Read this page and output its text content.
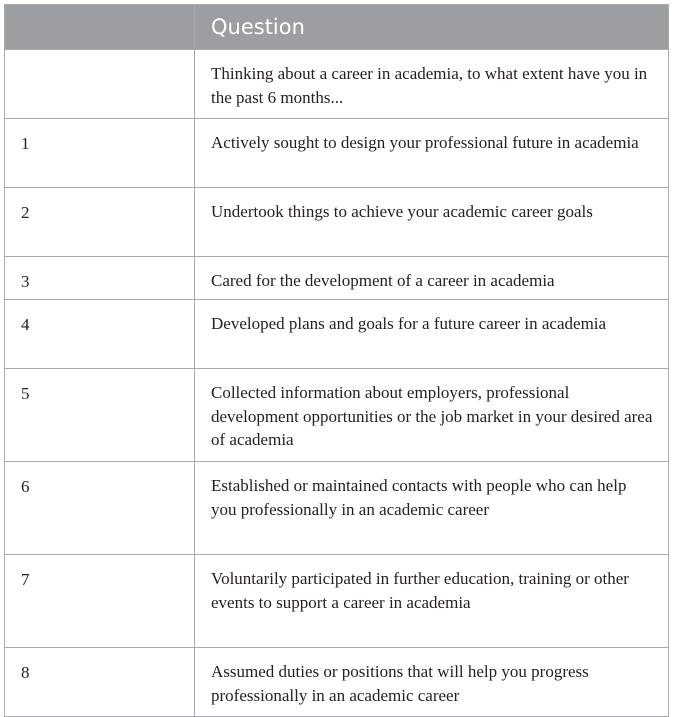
	Question

	Thinking about a career in academia, to what extent have you in the past 6 months...

1	Actively sought to design your professional future in academia

2	Undertook things to achieve your academic career goals

3	Cared for the development of a career in academia

4	Developed plans and goals for a future career in academia

5	Collected information about employers, professional development opportunities or the job market in your desired area of academia

6	Established or maintained contacts with people who can help you professionally in an academic career

7	Voluntarily participated in further education, training or other events to support a career in academia

8	Assumed duties or positions that will help you progress professionally in an academic career
